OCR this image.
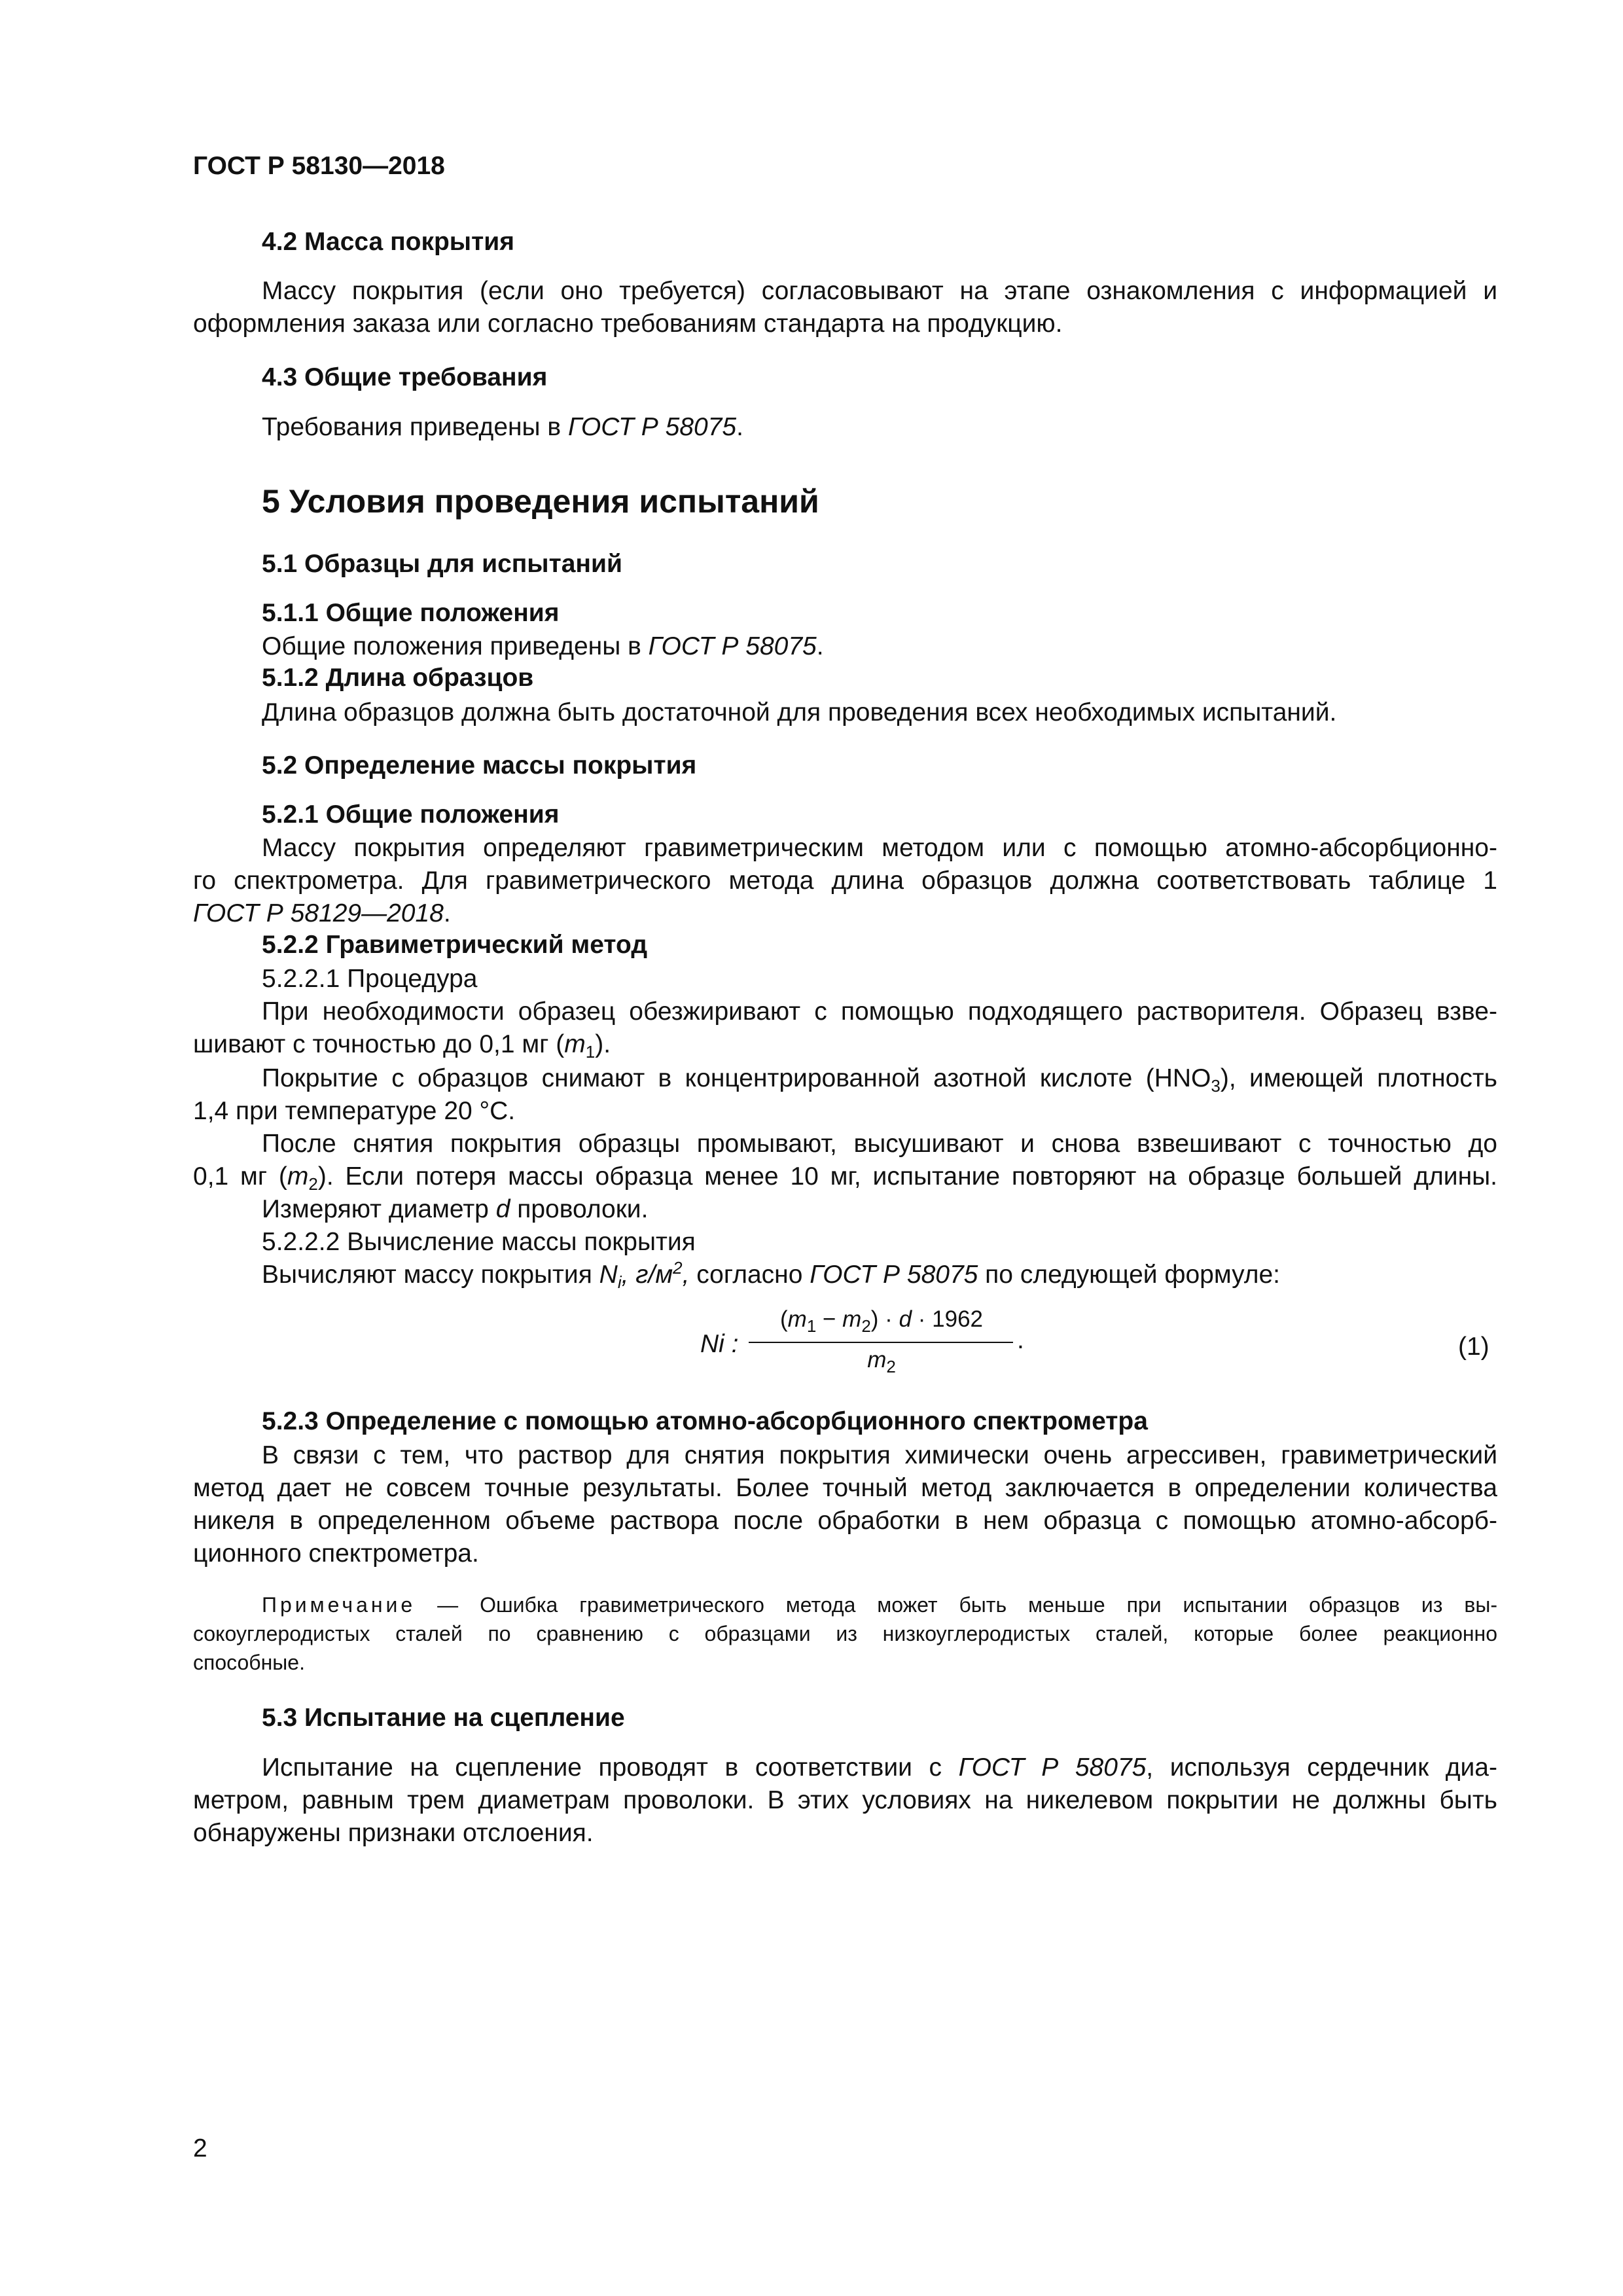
ГОСТ Р 58130—2018
4.2 Масса покрытия
Массу покрытия (если оно требуется) согласовывают на этапе ознакомления с информацией и
оформления заказа или согласно требованиям стандарта на продукцию.
4.3 Общие требования
Требования приведены в ГОСТ Р 58075.
5 Условия проведения испытаний
5.1 Образцы для испытаний
5.1.1 Общие положения
Общие положения приведены в ГОСТ Р 58075.
5.1.2 Длина образцов
Длина образцов должна быть достаточной для проведения всех необходимых испытаний.
5.2 Определение массы покрытия
5.2.1 Общие положения
Массу покрытия определяют гравиметрическим методом или с помощью атомно-абсорбционно-
го спектрометра. Для гравиметрического метода длина образцов должна соответствовать таблице 1
ГОСТ Р 58129—2018.
5.2.2 Гравиметрический метод
5.2.2.1 Процедура
При необходимости образец обезжиривают с помощью подходящего растворителя. Образец взве-
шивают с точностью до 0,1 мг $(m_1)$.
Покрытие с образцов снимают в концентрированной азотной кислоте $(HNO_3)$, имеющей плотность
1,4 при температуре 20 °C.
После снятия покрытия образцы промывают, высушивают и снова взвешивают с точностью до
0,1 мг $(m_2)$. Если потеря массы образца менее 10 мг, испытание повторяют на образце большей длины.
Измеряют диаметр d проволоки.
5.2.2.2 Вычисление массы покрытия
Вычисляют массу покрытия $N_i$, $г/м^2$, согласно ГОСТ Р 58075 по следующей формуле:
Ni :
$(m_1 - m_2) \cdot d \cdot 1962$
$m_2$
.	(1)
5.2.3 Определение с помощью атомно-абсорбционного спектрометра
В связи с тем, что раствор для снятия покрытия химически очень агрессивен, гравиметрический
метод дает не совсем точные результаты. Более точный метод заключается в определении количества
никеля в определенном объеме раствора после обработки в нем образца с помощью атомно-абсорб-
ционного спектрометра.
Примечание — Ошибка гравиметрического метода может быть меньше при испытании образцов из вы-
сокоуглеродистых сталей по сравнению с образцами из низкоуглеродистых сталей, которые более реакционно
способные.
5.3 Испытание на сцепление
Испытание на сцепление проводят в соответствии с ГОСТ Р 58075, используя сердечник диа-
метром, равным трем диаметрам проволоки. В этих условиях на никелевом покрытии не должны быть
обнаружены признаки отслоения.
2
